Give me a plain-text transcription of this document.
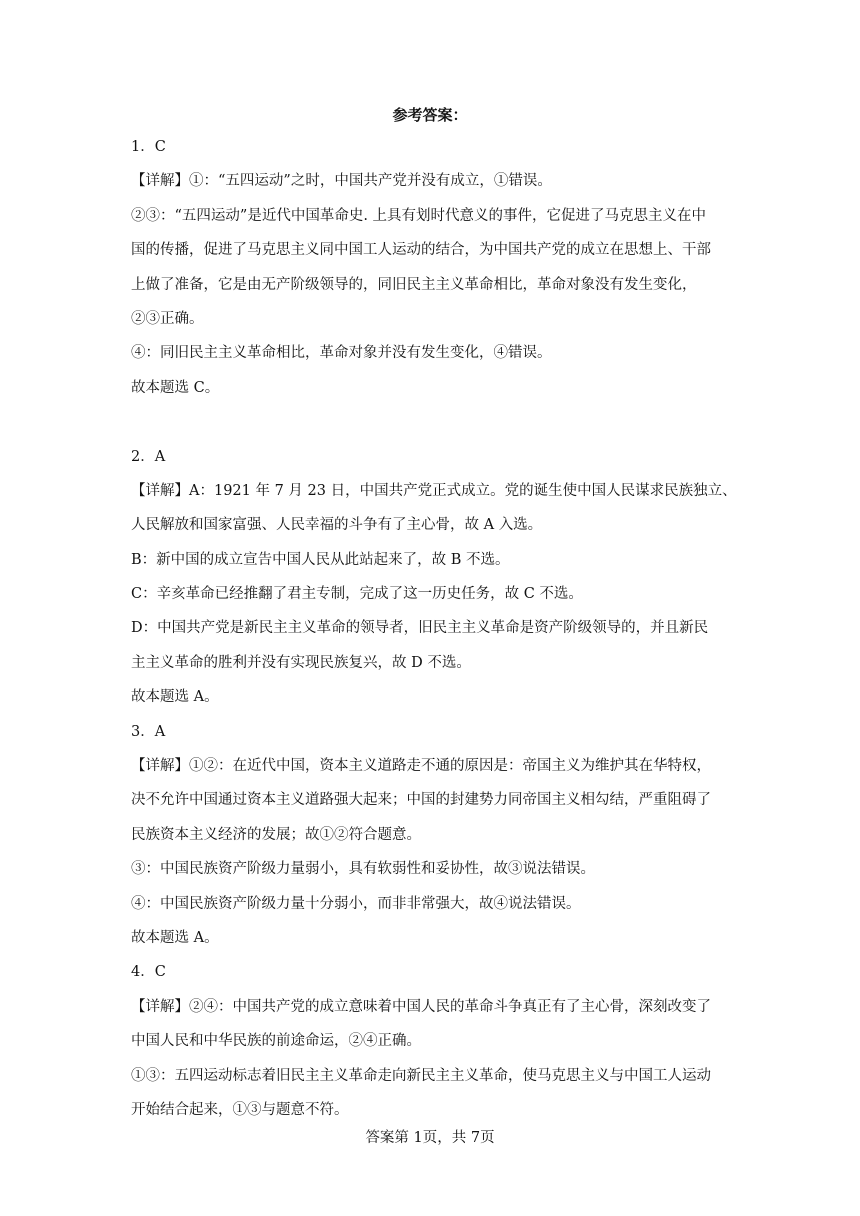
参考答案：
1．C
【详解】①：“五四运动”之时，中国共产党并没有成立，①错误。
②③：“五四运动”是近代中国革命史. 上具有划时代意义的事件，它促进了马克思主义在中
国的传播，促进了马克思主义同中国工人运动的结合，为中国共产党的成立在思想上、干部
上做了准备，它是由无产阶级领导的，同旧民主主义革命相比，革命对象没有发生变化，
②③正确。
④：同旧民主主义革命相比，革命对象并没有发生变化，④错误。
故本题选 C。
2．A
【详解】A：1921 年 7 月 23 日，中国共产党正式成立。党的诞生使中国人民谋求民族独立、
人民解放和国家富强、人民幸福的斗争有了主心骨，故 A 入选。
B：新中国的成立宣告中国人民从此站起来了，故 B 不选。
C：辛亥革命已经推翻了君主专制，完成了这一历史任务，故 C 不选。
D：中国共产党是新民主主义革命的领导者，旧民主主义革命是资产阶级领导的，并且新民
主主义革命的胜利并没有实现民族复兴，故 D 不选。
故本题选 A。
3．A
【详解】①②：在近代中国，资本主义道路走不通的原因是：帝国主义为维护其在华特权，
决不允许中国通过资本主义道路强大起来；中国的封建势力同帝国主义相勾结，严重阻碍了
民族资本主义经济的发展；故①②符合题意。
③：中国民族资产阶级力量弱小，具有软弱性和妥协性，故③说法错误。
④：中国民族资产阶级力量十分弱小，而非非常强大，故④说法错误。
故本题选 A。
4．C
【详解】②④：中国共产党的成立意味着中国人民的革命斗争真正有了主心骨，深刻改变了
中国人民和中华民族的前途命运，②④正确。
①③：五四运动标志着旧民主主义革命走向新民主主义革命，使马克思主义与中国工人运动
开始结合起来，①③与题意不符。
答案第 1页，共 7页
